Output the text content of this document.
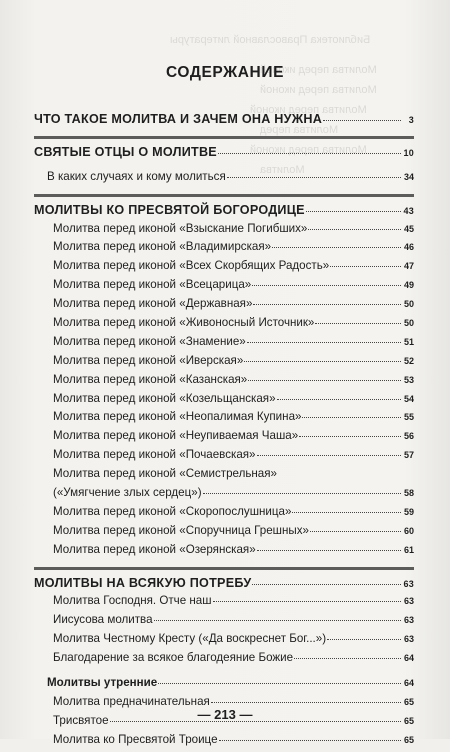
Библиотека Православной литературы
Молитва перед иконой
Молитва перед иконой
Молитва перед иконой
Молитва перед
Молитва перед иконой
Молитва
СОДЕРЖАНИЕ
ЧТО ТАКОЕ МОЛИТВА И ЗАЧЕМ ОНА НУЖНА	3
СВЯТЫЕ ОТЦЫ О МОЛИТВЕ	10
В каких случаях и кому молиться	34
МОЛИТВЫ КО ПРЕСВЯТОЙ БОГОРОДИЦЕ	43
Молитва перед иконой «Взыскание Погибших»	45
Молитва перед иконой «Владимирская»	46
Молитва перед иконой «Всех Скорбящих Радость»	47
Молитва перед иконой «Всецарица»	49
Молитва перед иконой «Державная»	50
Молитва перед иконой «Живоносный Источник»	50
Молитва перед иконой «Знамение»	51
Молитва перед иконой «Иверская»	52
Молитва перед иконой «Казанская»	53
Молитва перед иконой «Козельщанская»	54
Молитва перед иконой «Неопалимая Купина»	55
Молитва перед иконой «Неупиваемая Чаша»	56
Молитва перед иконой «Почаевская»	57
Молитва перед иконой «Семистрельная»
(«Умягчение злых сердец»)	58
Молитва перед иконой «Скоропослушница»	59
Молитва перед иконой «Споручница Грешных»	60
Молитва перед иконой «Озерянская»	61
МОЛИТВЫ НА ВСЯКУЮ ПОТРЕБУ	63
Молитва Господня. Отче наш	63
Иисусова молитва	63
Молитва Честному Кресту («Да воскреснет Бог...»)	63
Благодарение за всякое благодеяние Божие	64
Молитвы утренние	64
Молитва предначинательная	65
Трисвятое	65
Молитва ко Пресвятой Троице	65
— 213 —
